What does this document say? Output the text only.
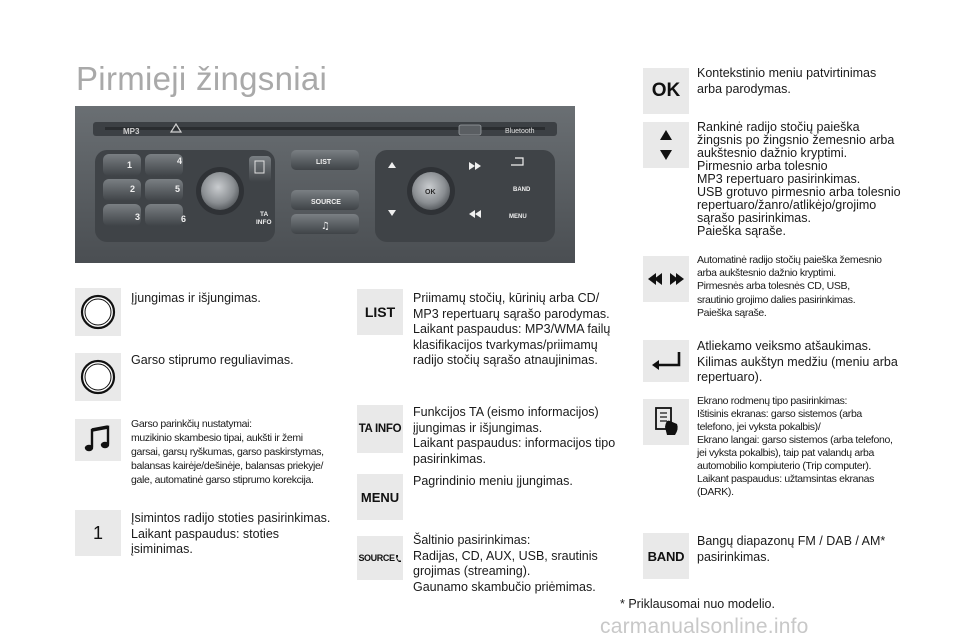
Pirmieji žingsniai
MP3	Bluetooth
1	4
2	5
3	6	TA
INFO
LIST
SOURCE
♫
OK	BAND
MENU
Įjungimas ir išjungimas.
Garso stiprumo reguliavimas.
Garso parinkčių nustatymai:
muzikinio skambesio tipai, aukšti ir žemi
garsai, garsų ryškumas, garso paskirstymas,
balansas kairėje/dešinėje, balansas priekyje/
gale, automatinė garso stiprumo korekcija.
1
Įsimintos radijo stoties pasirinkimas.
Laikant paspaudus: stoties
įsiminimas.
LIST
Priimamų stočių, kūrinių arba CD/
MP3 repertuarų sąrašo parodymas.
Laikant paspaudus: MP3/WMA failų
klasifikacijos tvarkymas/priimamų
radijo stočių sąrašo atnaujinimas.
TA INFO
Funkcijos TA (eismo informacijos)
įjungimas ir išjungimas.
Laikant paspaudus: informacijos tipo
pasirinkimas.
MENU
Pagrindinio meniu įjungimas.
SOURCE
Šaltinio pasirinkimas:
Radijas, CD, AUX, USB, srautinis
grojimas (streaming).
Gaunamo skambučio priėmimas.
OK
Kontekstinio meniu patvirtinimas
arba parodymas.
Rankinė radijo stočių paieška
žingsnis po žingsnio žemesnio arba
aukštesnio dažnio kryptimi.
Pirmesnio arba tolesnio
MP3 repertuaro pasirinkimas.
USB grotuvo pirmesnio arba tolesnio
repertuaro/žanro/atlikėjo/grojimo
sąrašo pasirinkimas.
Paieška sąraše.
Automatinė radijo stočių paieška žemesnio
arba aukštesnio dažnio kryptimi.
Pirmesnės arba tolesnės CD, USB,
srautinio grojimo dalies pasirinkimas.
Paieška sąraše.
Atliekamo veiksmo atšaukimas.
Kilimas aukštyn medžiu (meniu arba
repertuaro).
Ekrano rodmenų tipo pasirinkimas:
Ištisinis ekranas: garso sistemos (arba
telefono, jei vyksta pokalbis)/
Ekrano langai: garso sistemos (arba telefono,
jei vyksta pokalbis), taip pat valandų arba
automobilio kompiuterio (Trip computer).
Laikant paspaudus: užtamsintas ekranas
(DARK).
BAND
Bangų diapazonų FM / DAB / AM*
pasirinkimas.
* Priklausomai nuo modelio.
carmanualsonline.info
